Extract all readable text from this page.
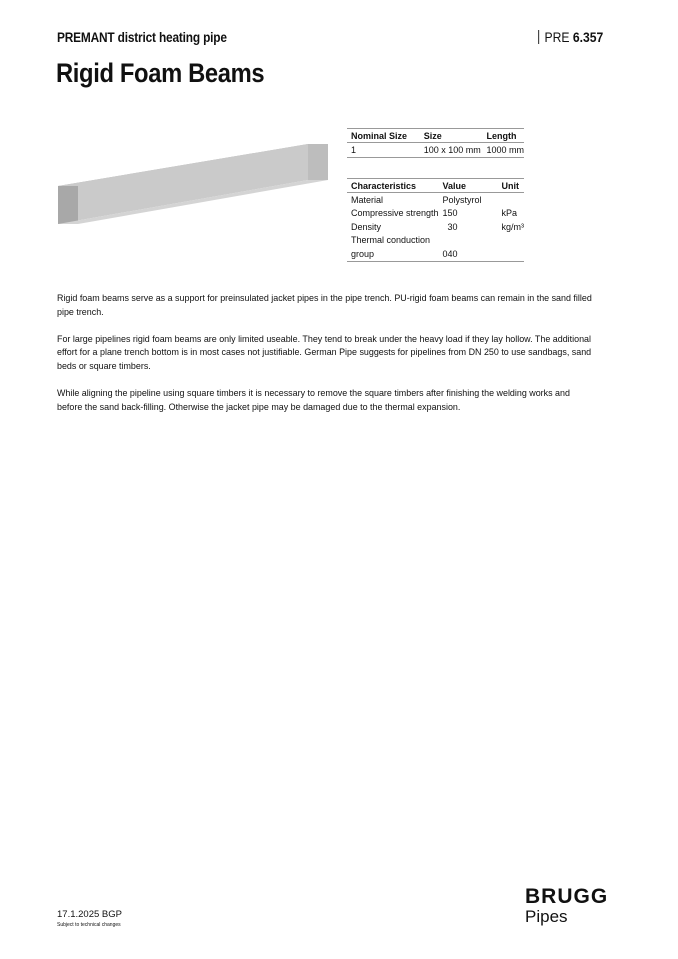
PREMANT district heating pipe	PRE 6.357
Rigid Foam Beams
Nominal Size	Size	Length
1	100 x 100 mm	1000 mm
Characteristics	Value	Unit
Material	Polystyrol	
Compressive strength	150	kPa
Density	30	kg/m³
Thermal conduction		
group	040	

Rigid foam beams serve as a support for preinsulated jacket pipes in the pipe trench. PU-rigid foam beams can remain in the sand filled pipe trench.

For large pipelines rigid foam beams are only limited useable. They tend to break under the heavy load if they lay hollow. The additional effort for a plane trench bottom is in most cases not justifiable. German Pipe suggests for pipelines from DN 250 to use sandbags, sand beds or square timbers.

While aligning the pipeline using square timbers it is necessary to remove the square timbers after finishing the welding works and before the sand back-filling. Otherwise the jacket pipe may be damaged due to the thermal expansion.

17.1.2025 BGP
Subject to technical changes
BRUGG
Pipes
